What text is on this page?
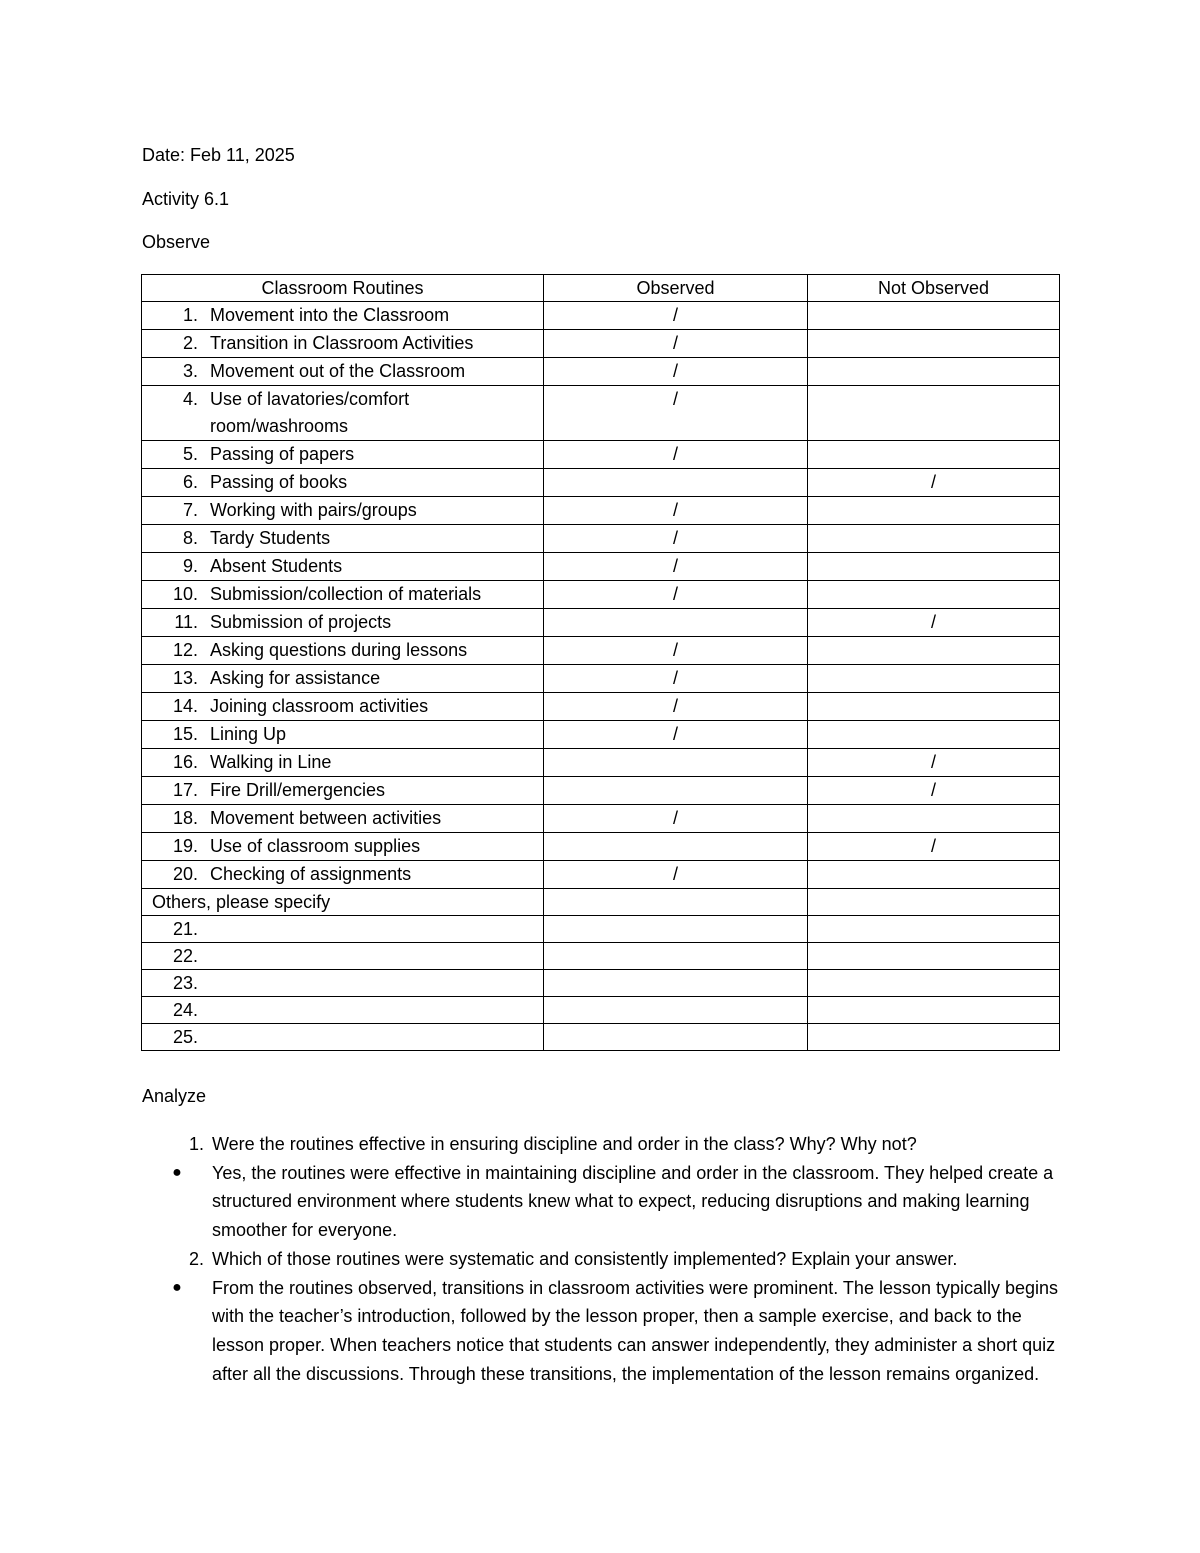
Date: Feb 11, 2025

Activity 6.1

Observe

Classroom Routines	Observed	Not Observed
1. Movement into the Classroom	/	
2. Transition in Classroom Activities	/	
3. Movement out of the Classroom	/	
4. Use of lavatories/comfort room/washrooms	/	
5. Passing of papers	/	
6. Passing of books		/
7. Working with pairs/groups	/	
8. Tardy Students	/	
9. Absent Students	/	
10. Submission/collection of materials	/	
11. Submission of projects		/
12. Asking questions during lessons	/	
13. Asking for assistance	/	
14. Joining classroom activities	/	
15. Lining Up	/	
16. Walking in Line		/
17. Fire Drill/emergencies		/
18. Movement between activities	/	
19. Use of classroom supplies		/
20. Checking of assignments	/	
Others, please specify		
21.		
22.		
23.		
24.		
25.		

Analyze

1. Were the routines effective in ensuring discipline and order in the class? Why? Why not?
● Yes, the routines were effective in maintaining discipline and order in the classroom. They helped create a structured environment where students knew what to expect, reducing disruptions and making learning smoother for everyone.
2. Which of those routines were systematic and consistently implemented? Explain your answer.
● From the routines observed, transitions in classroom activities were prominent. The lesson typically begins with the teacher’s introduction, followed by the lesson proper, then a sample exercise, and back to the lesson proper. When teachers notice that students can answer independently, they administer a short quiz after all the discussions. Through these transitions, the implementation of the lesson remains organized.
